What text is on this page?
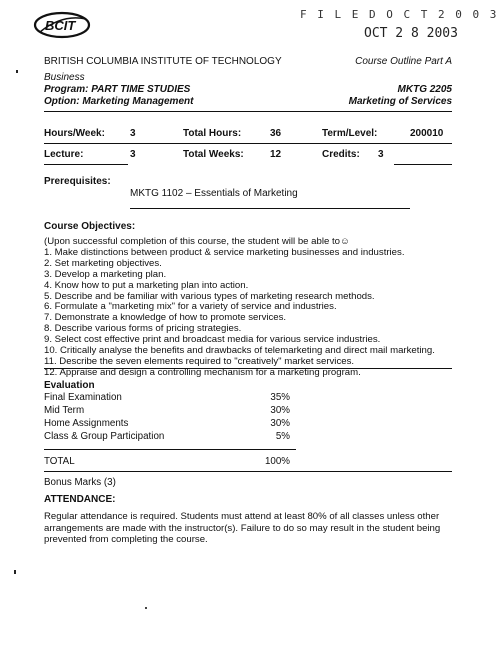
BCIT
F I L E D O C T 2 0 0 3
OCT 2 8 2003
BRITISH COLUMBIA INSTITUTE OF TECHNOLOGY	Course Outline Part A
Business
Program: PART TIME STUDIES	MKTG 2205
Option: Marketing Management	Marketing of Services
Hours/Week:	3	Total Hours:	36	Term/Level:	200010
Lecture:	3	Total Weeks:	12	Credits: 3
Prerequisites:
MKTG 1102 – Essentials of Marketing
Course Objectives:
(Upon successful completion of this course, the student will be able to☺
1. Make distinctions between product & service marketing businesses and industries.
2. Set marketing objectives.
3. Develop a marketing plan.
4. Know how to put a marketing plan into action.
5. Describe and be familiar with various types of marketing research methods.
6. Formulate a "marketing mix" for a variety of service and industries.
7. Demonstrate a knowledge of how to promote services.
8. Describe various forms of pricing strategies.
9. Select cost effective print and broadcast media for various service industries.
10. Critically analyse the benefits and drawbacks of telemarketing and direct mail marketing.
11. Describe the seven elements required to "creatively" market services.
12. Appraise and design a controlling mechanism for a marketing program.
Evaluation
Final Examination	35%
Mid Term	30%
Home Assignments	30%
Class & Group Participation	5%
TOTAL	100%
Bonus Marks (3)
ATTENDANCE:
Regular attendance is required. Students must attend at least 80% of all classes unless other arrangements are made with the instructor(s). Failure to do so may result in the student being prevented from completing the course.
